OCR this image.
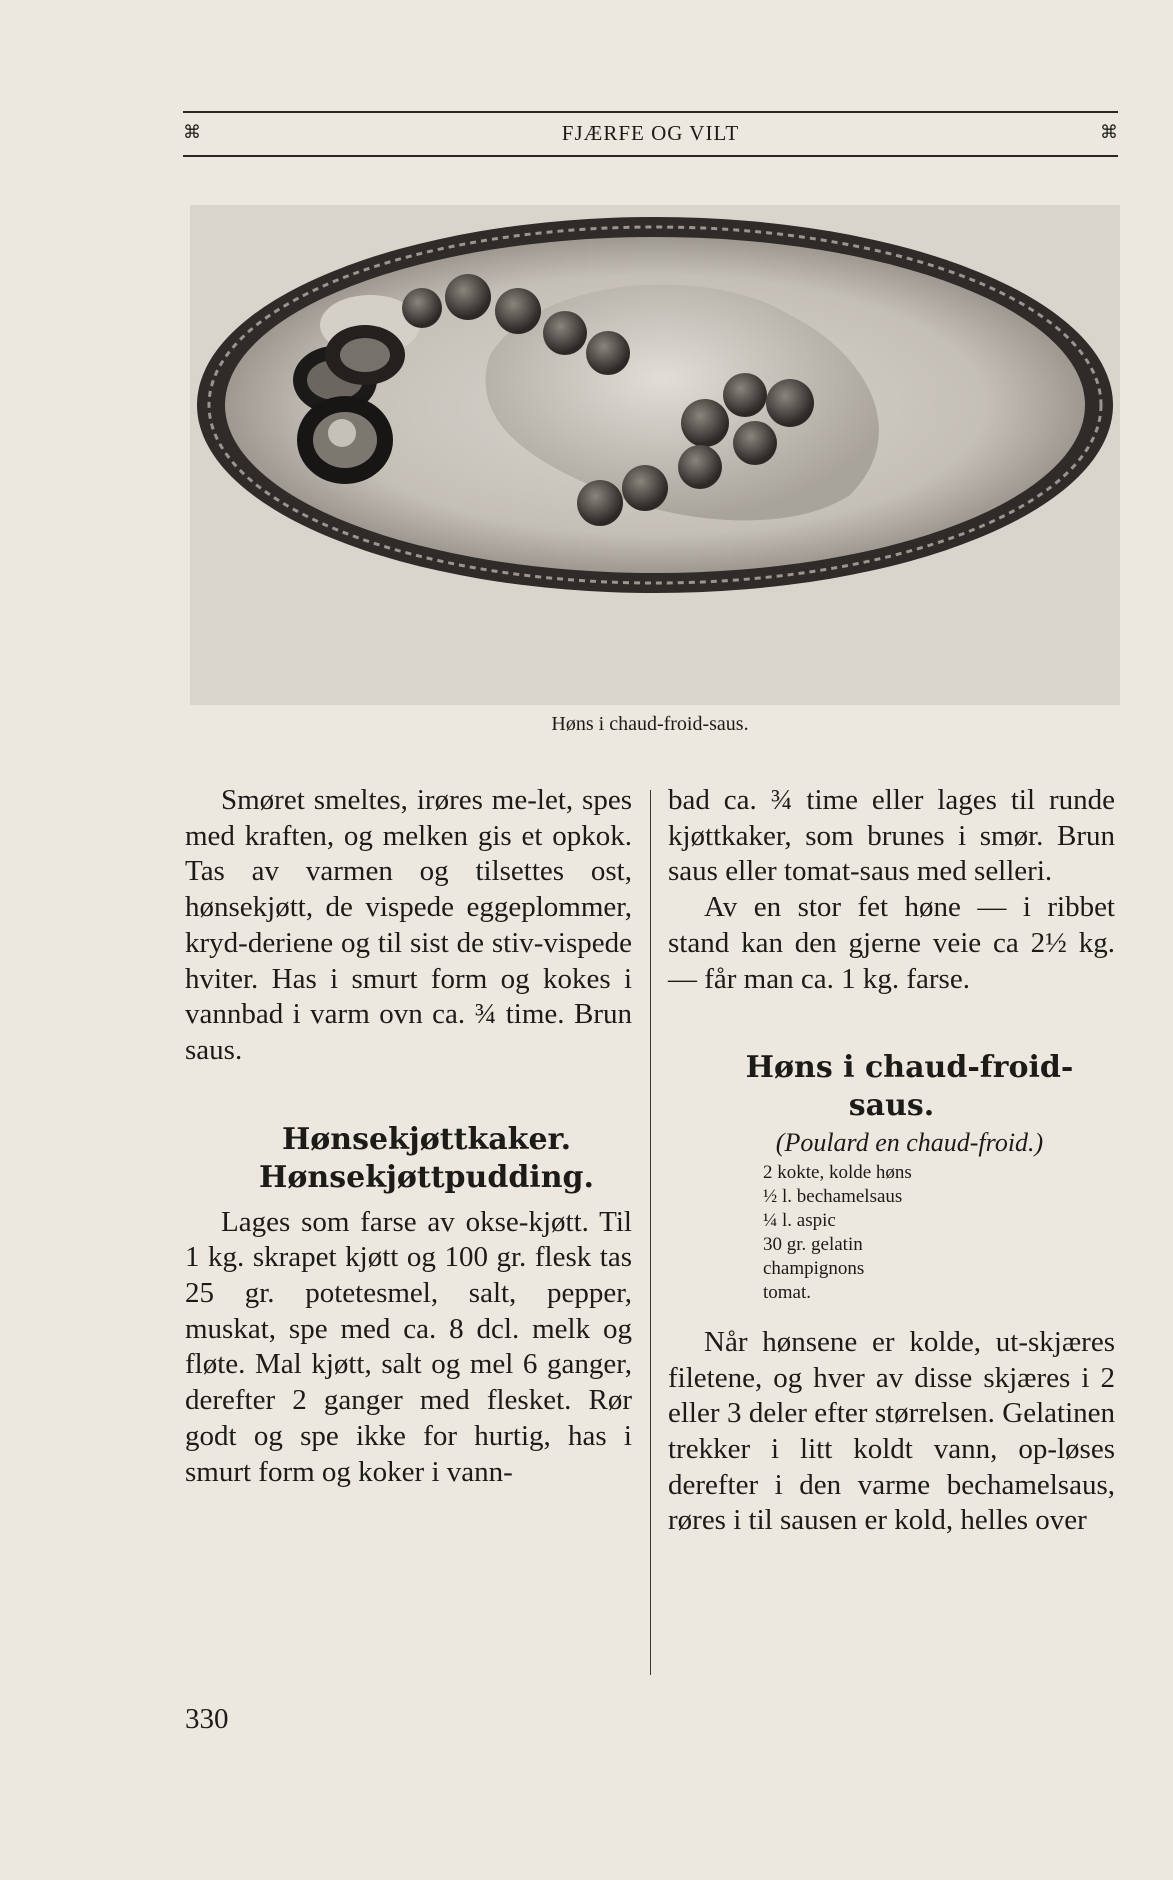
⌘	FJÆRFE OG VILT	⌘
Høns i chaud-froid-saus.

Smøret smeltes, irøres me-let, spes med kraften, og melken gis et opkok. Tas av varmen og tilsettes ost, hønsekjøtt, de vispede eggeplommer, kryd-deriene og til sist de stiv-vispede hviter. Has i smurt form og kokes i vannbad i varm ovn ca. ¾ time. Brun saus.

Hønsekjøttkaker.

Hønsekjøttpudding.

Lages som farse av okse-kjøtt. Til 1 kg. skrapet kjøtt og 100 gr. flesk tas 25 gr. potetesmel, salt, pepper, muskat, spe med ca. 8 dcl. melk og fløte. Mal kjøtt, salt og mel 6 ganger, derefter 2 ganger med flesket. Rør godt og spe ikke for hurtig, has i smurt form og koker i vann-

bad ca. ¾ time eller lages til runde kjøttkaker, som brunes i smør. Brun saus eller tomat-saus med selleri.

Av en stor fet høne — i ribbet stand kan den gjerne veie ca 2½ kg. — får man ca. 1 kg. farse.

Høns i chaud-froid-saus.

(Poulard en chaud-froid.)

2 kokte, kolde høns
½ l. bechamelsaus
¼ l. aspic
30 gr. gelatin
champignons
tomat.

Når hønsene er kolde, ut-skjæres filetene, og hver av disse skjæres i 2 eller 3 deler efter størrelsen. Gelatinen trekker i litt koldt vann, op-løses derefter i den varme bechamelsaus, røres i til sausen er kold, helles over

330
